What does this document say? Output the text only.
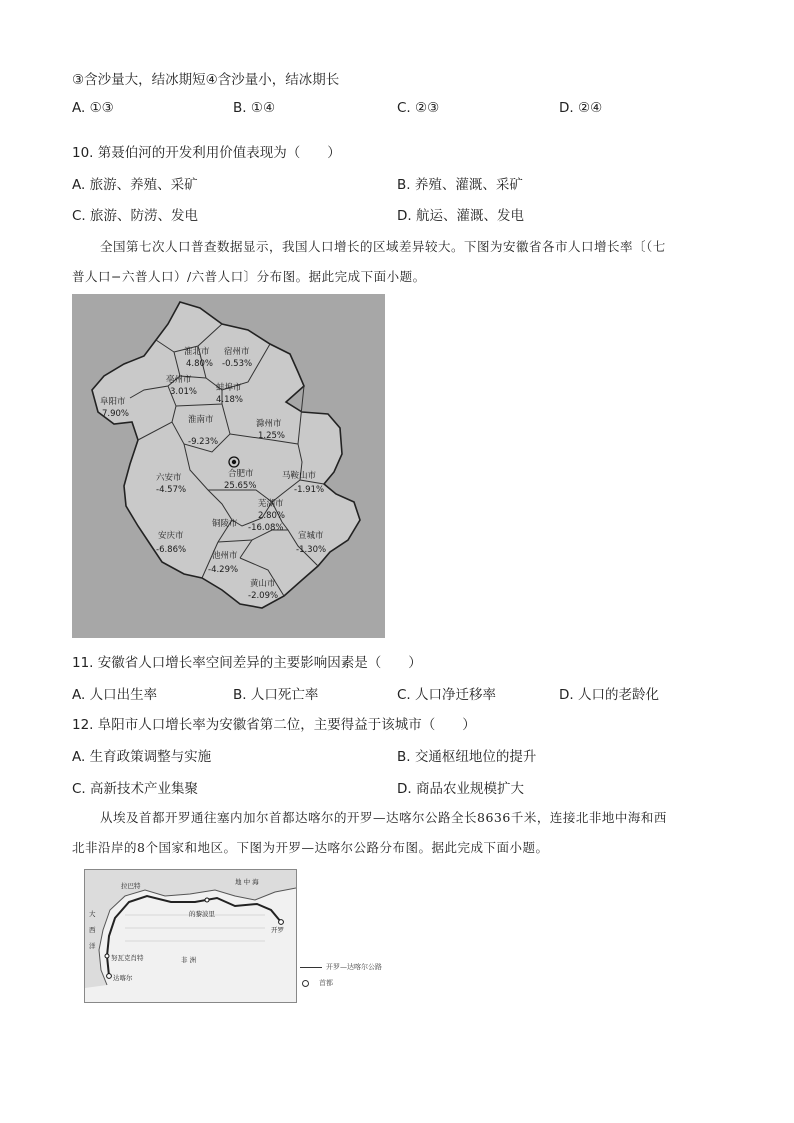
③含沙量大，结冰期短④含沙量小，结冰期长
A. ①③	B. ①④	C. ②③	D. ②④
10. 第聂伯河的开发利用价值表现为（　　）
A. 旅游、养殖、采矿	B. 养殖、灌溉、采矿
C. 旅游、防涝、发电	D. 航运、灌溉、发电
全国第七次人口普查数据显示，我国人口增长的区域差异较大。下图为安徽省各市人口增长率〔（七
普人口−六普人口）/六普人口〕分布图。据此完成下面小题。
淮北市
4.80%
宿州市
-0.53%
亳州市
3.01% 蚌埠市
4.18%
阜阳市
7.90%
淮南市
-9.23%
滁州市
1.25%
六安市
-4.57%
合肥市
25.65%
马鞍山市
-1.91%
芜湖市
2.80%
铜陵市 -16.08%
安庆市
-6.86%
宣城市
-1.30%
池州市
-4.29%
黄山市
-2.09%
11. 安徽省人口增长率空间差异的主要影响因素是（　　）
A. 人口出生率	B. 人口死亡率	C. 人口净迁移率	D. 人口的老龄化
12. 阜阳市人口增长率为安徽省第二位，主要得益于该城市（　　）
A. 生育政策调整与实施	B. 交通枢纽地位的提升
C. 高新技术产业集聚	D. 商品农业规模扩大
从埃及首都开罗通往塞内加尔首都达喀尔的开罗—达喀尔公路全长8636千米，连接北非地中海和西
北非沿岸的8个国家和地区。下图为开罗—达喀尔公路分布图。据此完成下面小题。
地 中 海
大
西
洋
拉巴特
的黎波里
开罗
努瓦克肖特
达喀尔
非 洲
开罗—达喀尔公路
首都
